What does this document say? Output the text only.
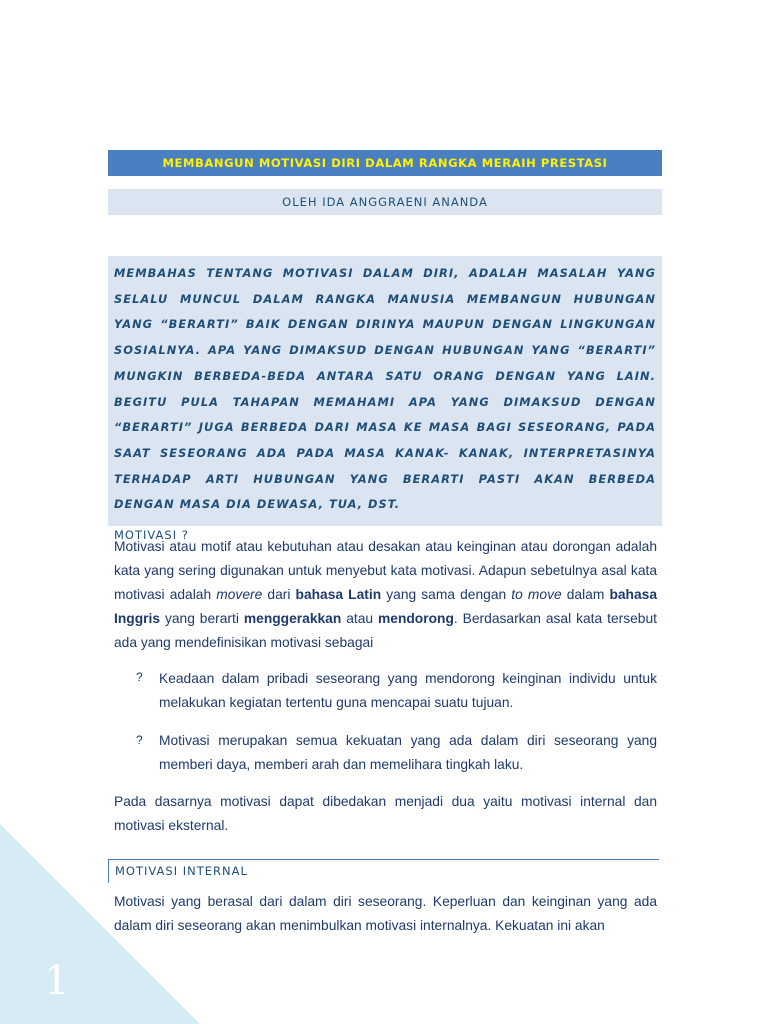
1
MEMBANGUN MOTIVASI DIRI DALAM RANGKA MERAIH PRESTASI
OLEH IDA ANGGRAENI ANANDA

MEMBAHAS TENTANG MOTIVASI DALAM DIRI, ADALAH MASALAH YANG SELALU MUNCUL DALAM RANGKA MANUSIA MEMBANGUN HUBUNGAN YANG “BERARTI” BAIK DENGAN DIRINYA MAUPUN DENGAN LINGKUNGAN SOSIALNYA. APA YANG DIMAKSUD DENGAN HUBUNGAN YANG “BERARTI” MUNGKIN BERBEDA-BEDA ANTARA SATU ORANG DENGAN YANG LAIN. BEGITU PULA TAHAPAN MEMAHAMI APA YANG DIMAKSUD DENGAN “BERARTI” JUGA BERBEDA DARI MASA KE MASA BAGI SESEORANG, PADA SAAT SESEORANG ADA PADA MASA KANAK- KANAK, INTERPRETASINYA TERHADAP ARTI HUBUNGAN YANG BERARTI PASTI AKAN BERBEDA DENGAN MASA DIA DEWASA, TUA, DST.

MOTIVASI ?

Motivasi atau motif atau kebutuhan atau desakan atau keinginan atau dorongan adalah kata yang sering digunakan untuk menyebut kata motivasi. Adapun sebetulnya asal kata motivasi adalah movere dari bahasa Latin yang sama dengan to move dalam bahasa Inggris yang berarti menggerakkan atau mendorong. Berdasarkan asal kata tersebut ada yang mendefinisikan motivasi sebagai

? Keadaan dalam pribadi seseorang yang mendorong keinginan individu untuk melakukan kegiatan tertentu guna mencapai suatu tujuan.

? Motivasi merupakan semua kekuatan yang ada dalam diri seseorang yang memberi daya, memberi arah dan memelihara tingkah laku.

Pada dasarnya motivasi dapat dibedakan menjadi dua yaitu motivasi internal dan motivasi eksternal.

MOTIVASI INTERNAL

Motivasi yang berasal dari dalam diri seseorang. Keperluan dan keinginan yang ada dalam diri seseorang akan menimbulkan motivasi internalnya. Kekuatan ini akan
